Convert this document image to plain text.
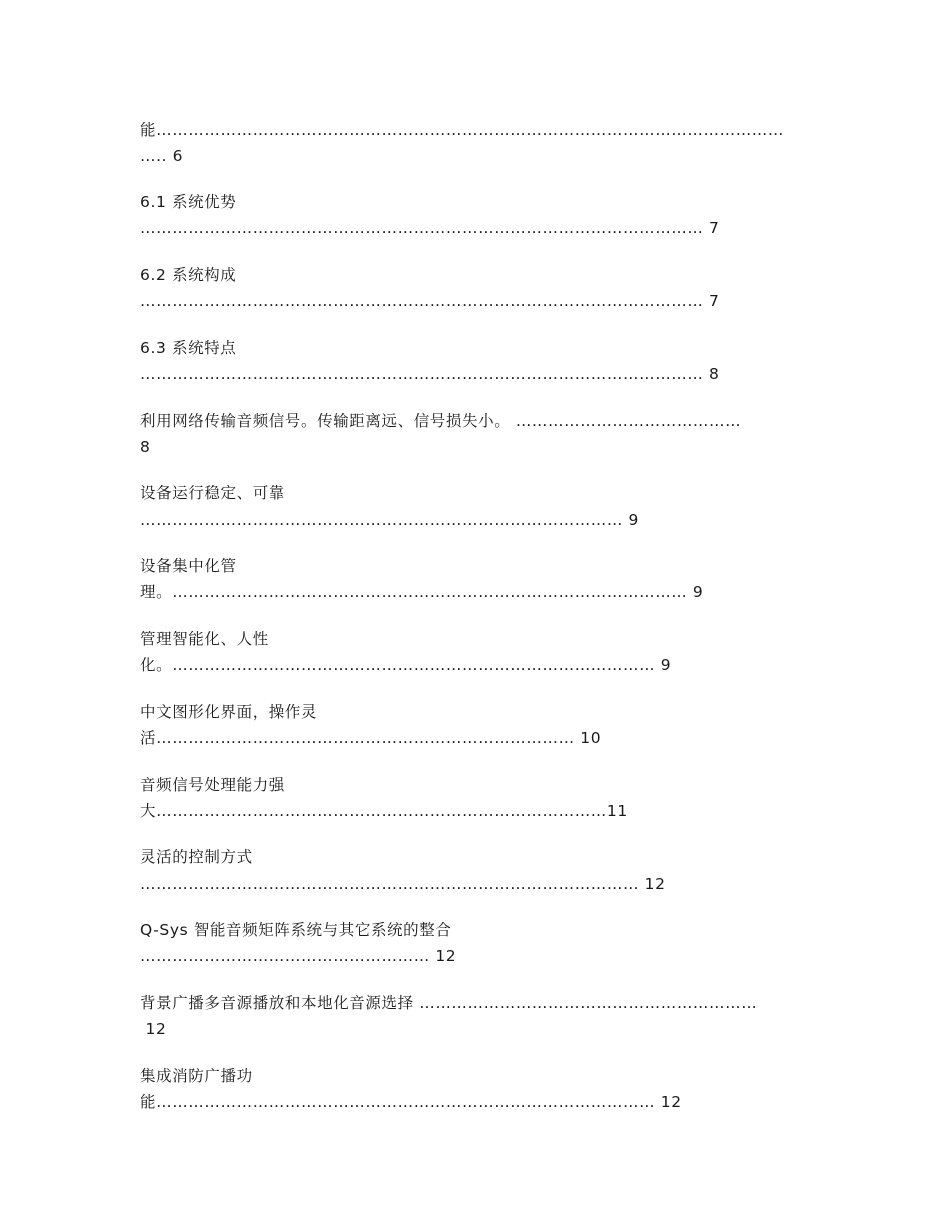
能………………………………………………………………………………………………………
….. 6
6.1 系统优势
…………………………………………………………………………………………… 7
6.2 系统构成
…………………………………………………………………………………………… 7
6.3 系统特点
…………………………………………………………………………………………… 8
利用网络传输音频信号。传输距离远、信号损失小。 ……………………………………
8
设备运行稳定、可靠
……………………………………………………………………………… 9
设备集中化管
理。…………………………………………………………………………………… 9
管理智能化、人性
化。……………………………………………………………………………… 9
中文图形化界面，操作灵
活…………………………………………………………………… 10
音频信号处理能力强
大…………………………………………………………………………11
灵活的控制方式
………………………………………………………………………………… 12
Q-Sys 智能音频矩阵系统与其它系统的整合
……………………………………………… 12
背景广播多音源播放和本地化音源选择 ………………………………………………………
12
集成消防广播功
能………………………………………………………………………………… 12
